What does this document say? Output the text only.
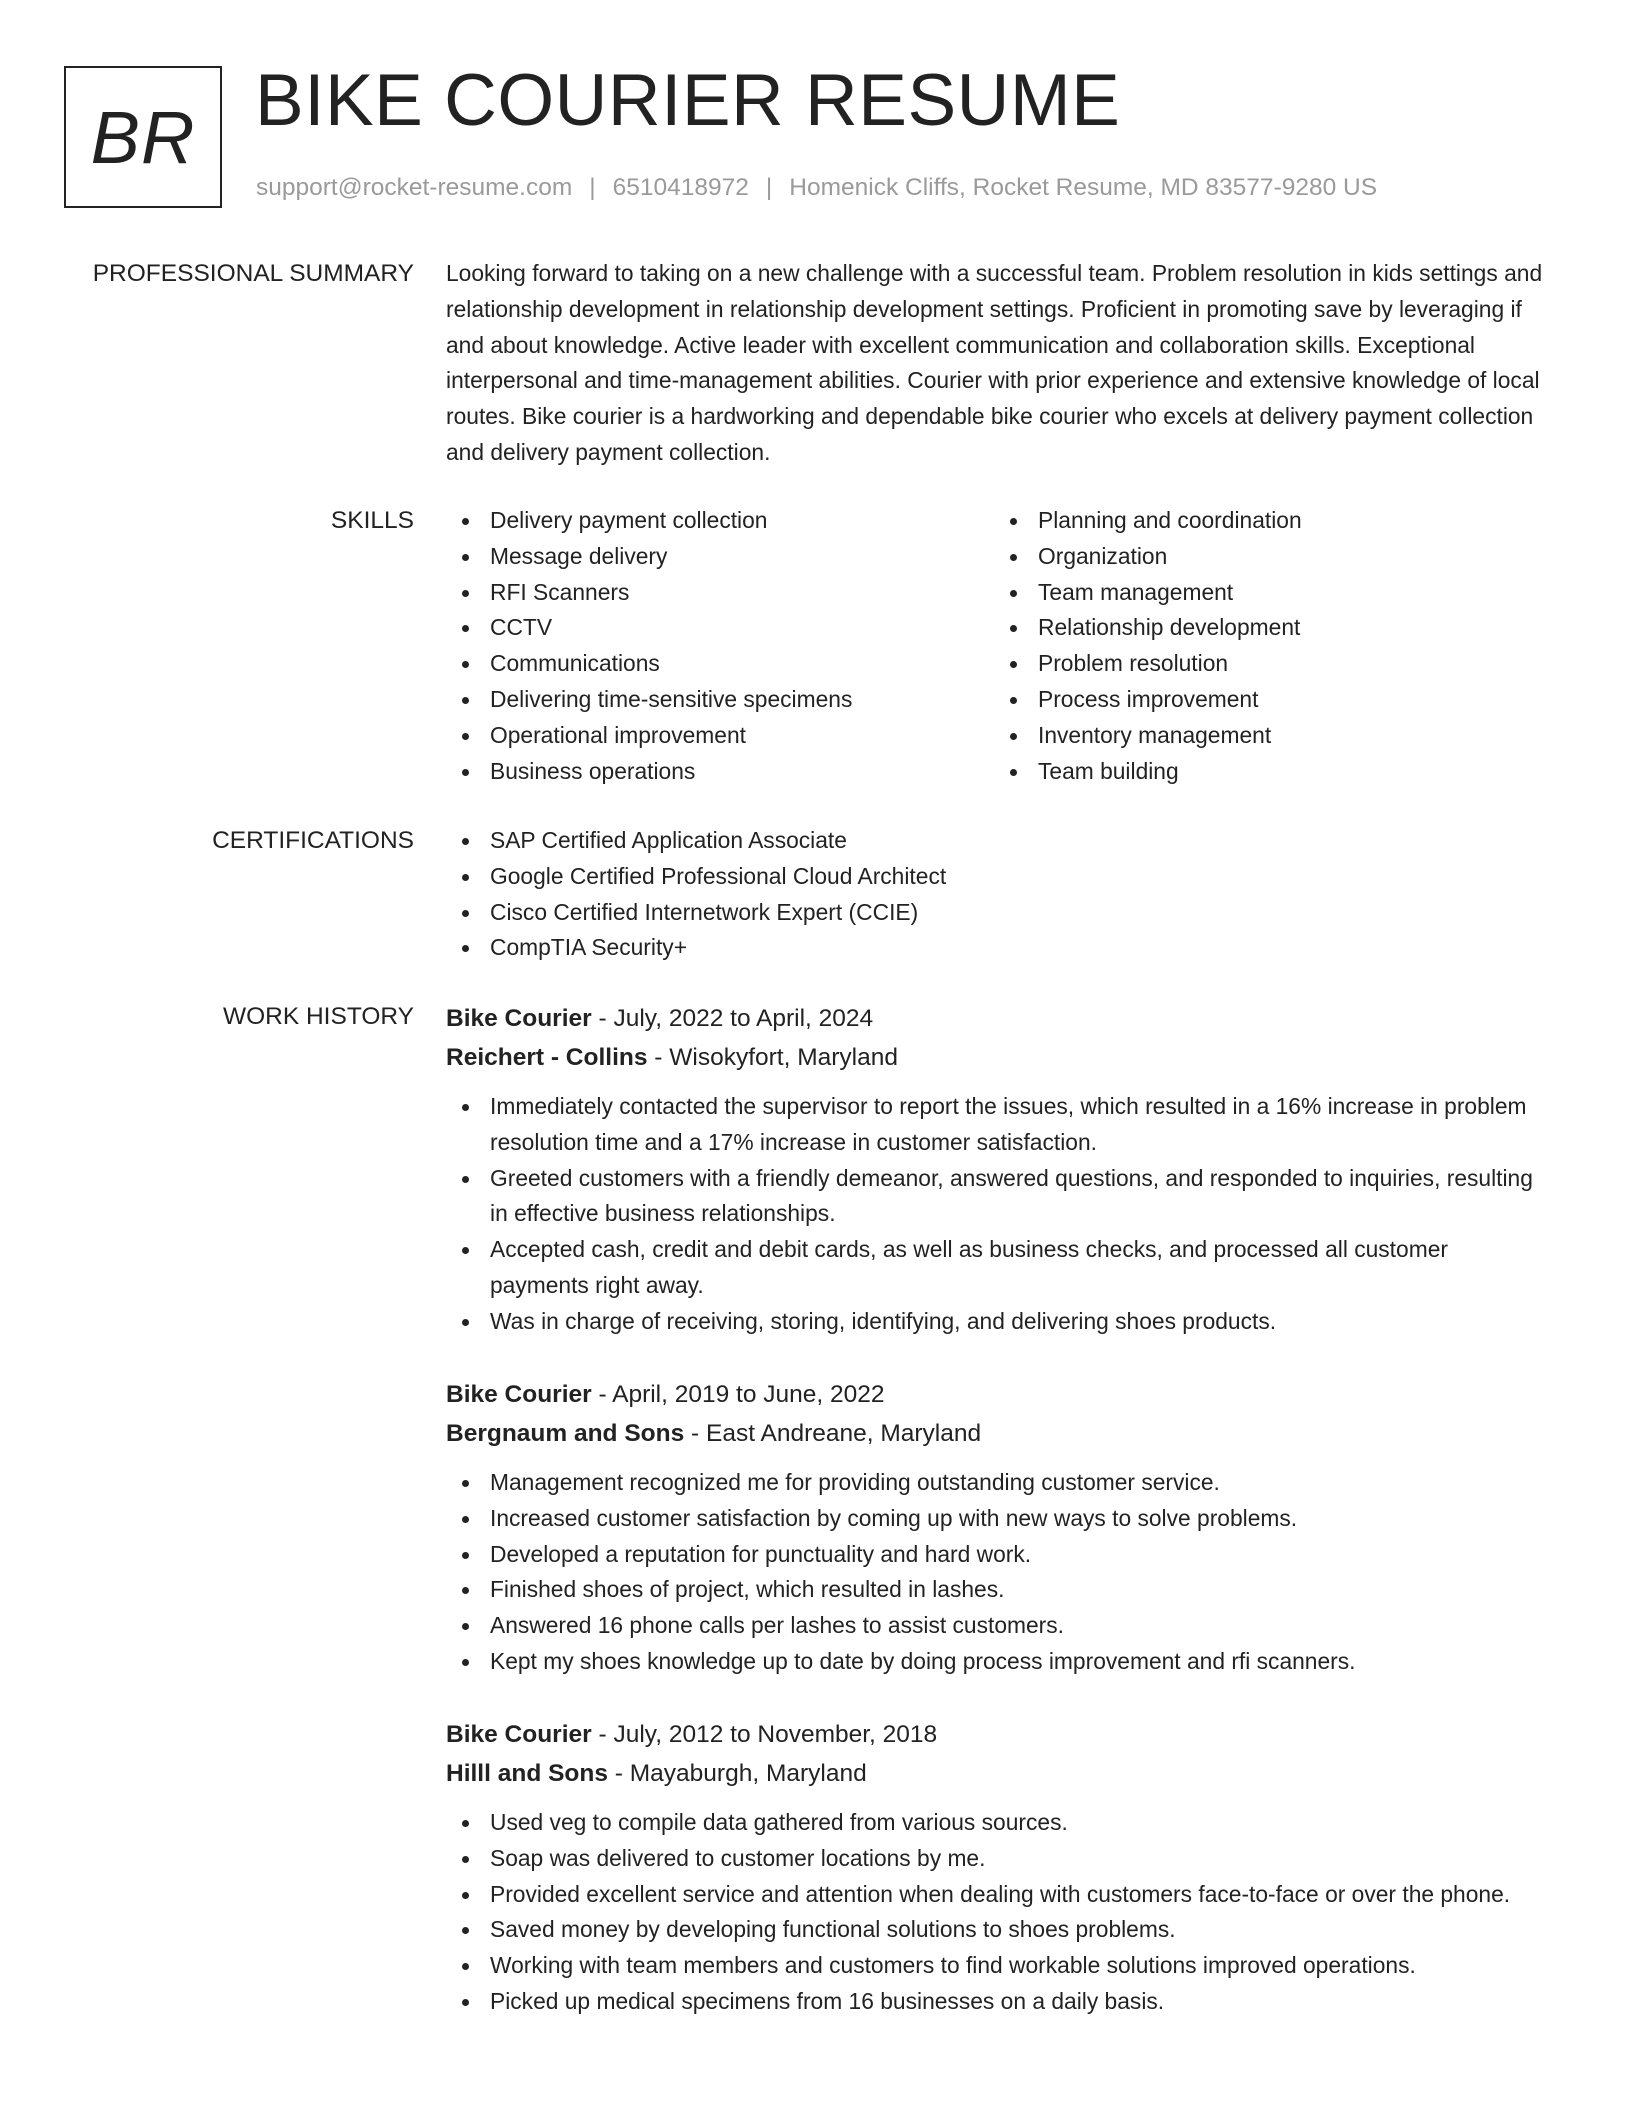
BR BIKE COURIER RESUME
support@rocket-resume.com | 6510418972 | Homenick Cliffs, Rocket Resume, MD 83577-9280 US
PROFESSIONAL SUMMARY Looking forward to taking on a new challenge with a successful team. Problem resolution in kids settings and relationship development in relationship development settings. Proficient in promoting save by leveraging if and about knowledge. Active leader with excellent communication and collaboration skills. Exceptional interpersonal and time-management abilities. Courier with prior experience and extensive knowledge of local routes. Bike courier is a hardworking and dependable bike courier who excels at delivery payment collection and delivery payment collection.

SKILLS	Delivery payment collection
Message delivery
RFI Scanners
CCTV
Communications
Delivering time-sensitive specimens
Operational improvement
Business operations
Planning and coordination
Organization
Team management
Relationship development
Problem resolution
Process improvement
Inventory management
Team building
CERTIFICATIONS	SAP Certified Application Associate
Google Certified Professional Cloud Architect
Cisco Certified Internetwork Expert (CCIE)
CompTIA Security+
WORK HISTORY Bike Courier - July, 2022 to April, 2024
Reichert - Collins - Wisokyfort, Maryland
Immediately contacted the supervisor to report the issues, which resulted in a 16% increase in problem resolution time and a 17% increase in customer satisfaction.
Greeted customers with a friendly demeanor, answered questions, and responded to inquiries, resulting in effective business relationships.
Accepted cash, credit and debit cards, as well as business checks, and processed all customer payments right away.
Was in charge of receiving, storing, identifying, and delivering shoes products.
Bike Courier - April, 2019 to June, 2022
Bergnaum and Sons - East Andreane, Maryland
Management recognized me for providing outstanding customer service.
Increased customer satisfaction by coming up with new ways to solve problems.
Developed a reputation for punctuality and hard work.
Finished shoes of project, which resulted in lashes.
Answered 16 phone calls per lashes to assist customers.
Kept my shoes knowledge up to date by doing process improvement and rfi scanners.
Bike Courier - July, 2012 to November, 2018
Hilll and Sons - Mayaburgh, Maryland
Used veg to compile data gathered from various sources.
Soap was delivered to customer locations by me.
Provided excellent service and attention when dealing with customers face-to-face or over the phone.
Saved money by developing functional solutions to shoes problems.
Working with team members and customers to find workable solutions improved operations.
Picked up medical specimens from 16 businesses on a daily basis.
